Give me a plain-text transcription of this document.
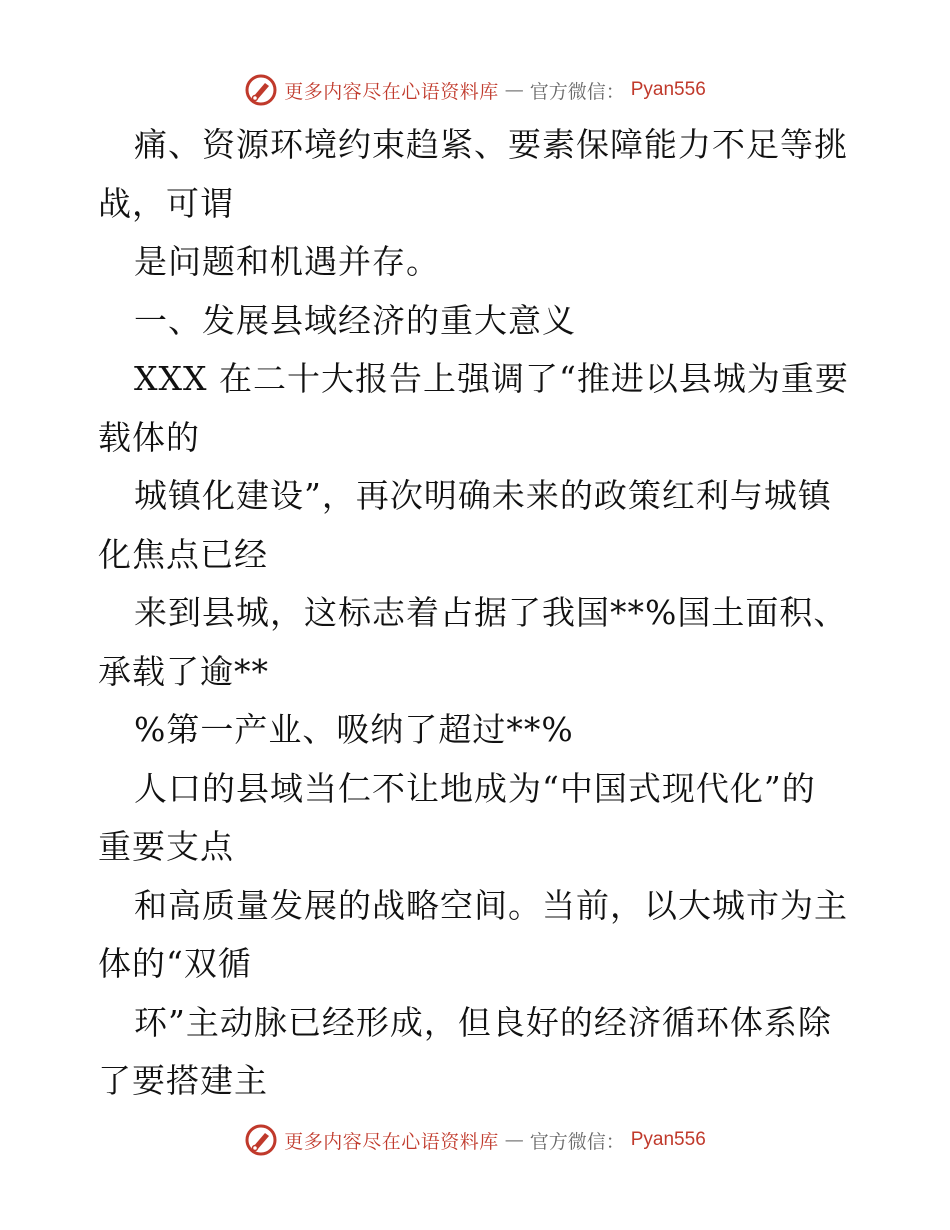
更多内容尽在心语资料库 — 官方微信： Pyan556
痛、资源环境约束趋紧、要素保障能力不足等挑
战，可谓
是问题和机遇并存。
一、发展县域经济的重大意义
XXX 在二十大报告上强调了“推进以县城为重要
载体的
城镇化建设”，再次明确未来的政策红利与城镇
化焦点已经
来到县城，这标志着占据了我国**%国土面积、
承载了逾**
%第一产业、吸纳了超过**%
人口的县域当仁不让地成为“中国式现代化”的
重要支点
和高质量发展的战略空间。当前，以大城市为主
体的“双循
环”主动脉已经形成，但良好的经济循环体系除
了要搭建主
更多内容尽在心语资料库 — 官方微信： Pyan556
